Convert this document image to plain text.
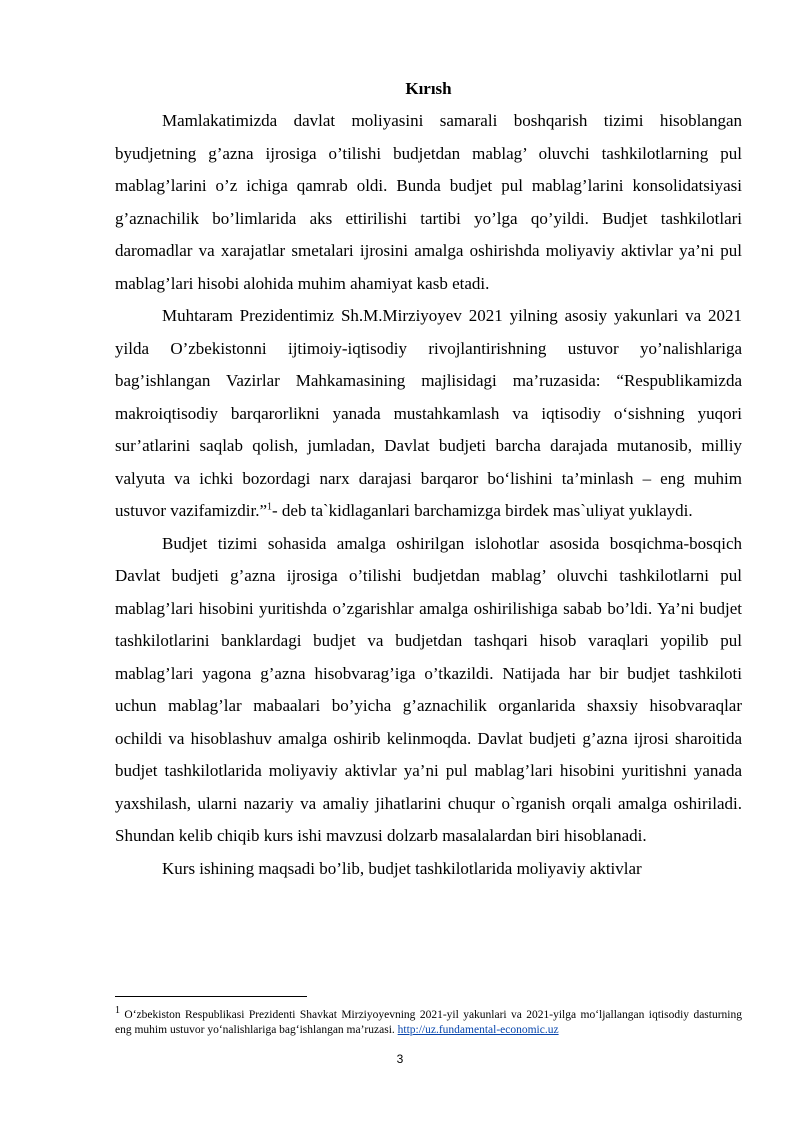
Kırısh

Mamlakatimizda davlat moliyasini samarali boshqarish tizimi hisoblangan byudjetning g’azna ijrosiga o’tilishi budjetdan mablag’ oluvchi tashkilotlarning pul mablag’larini o’z ichiga qamrab oldi. Bunda budjet pul mablag’larini konsolidatsiyasi g’aznachilik bo’limlarida aks ettirilishi tartibi yo’lga qo’yildi. Budjet tashkilotlari daromadlar va xarajatlar smetalari ijrosini amalga oshirishda moliyaviy aktivlar ya’ni pul mablag’lari hisobi alohida muhim ahamiyat kasb etadi.

Muhtaram Prezidentimiz Sh.M.Mirziyoyev 2021 yilning asosiy yakunlari va 2021 yilda O’zbekistonni ijtimoiy-iqtisodiy rivojlantirishning ustuvor yo’nalishlariga bag’ishlangan Vazirlar Mahkamasining majlisidagi ma’ruzasida: “Respublikamizda makroiqtisodiy barqarorlikni yanada mustahkamlash va iqtisodiy o‘sishning yuqori sur’atlarini saqlab qolish, jumladan, Davlat budjeti barcha darajada mutanosib, milliy valyuta va ichki bozordagi narx darajasi barqaror bo‘lishini ta’minlash – eng muhim ustuvor vazifamizdir.”$^1$- deb ta`kidlaganlari barchamizga birdek mas`uliyat yuklaydi.

Budjet tizimi sohasida amalga oshirilgan islohotlar asosida bosqichma-bosqich Davlat budjeti g’azna ijrosiga o’tilishi budjetdan mablag’ oluvchi tashkilotlarni pul mablag’lari hisobini yuritishda o’zgarishlar amalga oshirilishiga sabab bo’ldi. Ya’ni budjet tashkilotlarini banklardagi budjet va budjetdan tashqari hisob varaqlari yopilib pul mablag’lari yagona g’azna hisobvarag’iga o’tkazildi. Natijada har bir budjet tashkiloti uchun mablag’lar mabaalari bo’yicha g’aznachilik organlarida shaxsiy hisobvaraqlar ochildi va hisoblashuv amalga oshirib kelinmoqda. Davlat budjeti g’azna ijrosi sharoitida budjet tashkilotlarida moliyaviy aktivlar ya’ni pul mablag’lari hisobini yuritishni yanada yaxshilash, ularni nazariy va amaliy jihatlarini chuqur o`rganish orqali amalga oshiriladi. Shundan kelib chiqib kurs ishi mavzusi dolzarb masalalardan biri hisoblanadi.

Kurs ishining maqsadi bo’lib, budjet tashkilotlarida moliyaviy aktivlar

$^1$ O‘zbekiston Respublikasi Prezidenti Shavkat Mirziyoyevning 2021-yil yakunlari va 2021-yilga mo‘ljallangan iqtisodiy dasturning eng muhim ustuvor yo‘nalishlariga bag‘ishlangan ma’ruzasi. http://uz.fundamental-economic.uz
3
